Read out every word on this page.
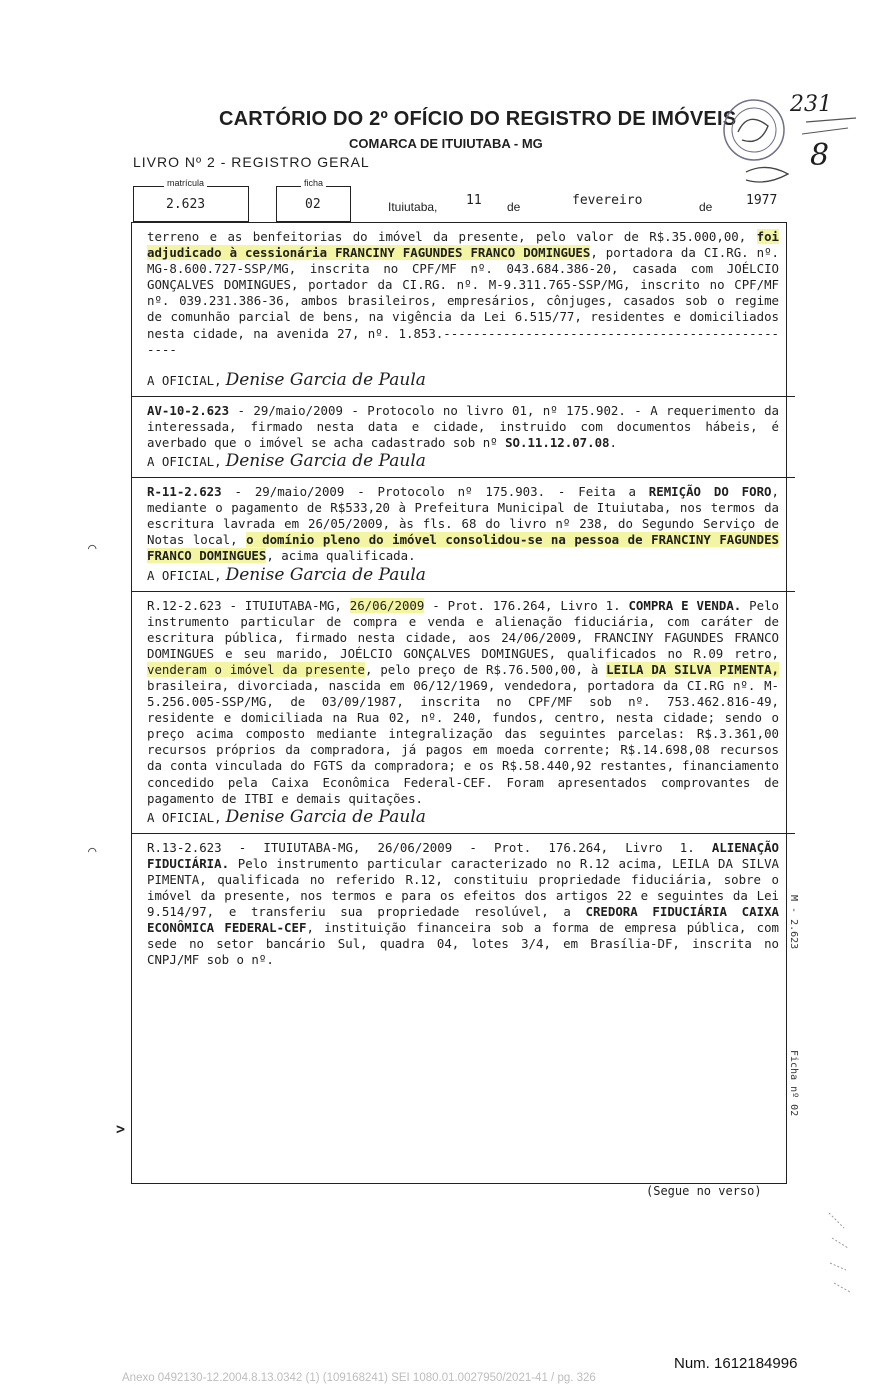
CARTÓRIO DO 2º OFÍCIO DO REGISTRO DE IMÓVEIS
COMARCA DE ITUIUTABA - MG
LIVRO Nº 2 - REGISTRO GERAL
231
8
matrícula
2.623
ficha
02	Ituiutaba, 11 de	fevereiro	de	1977

terreno e as benfeitorias do imóvel da presente, pelo valor de R$.35.000,00, foi adjudicado à cessionária FRANCINY FAGUNDES FRANCO DOMINGUES, portadora da CI.RG. nº. MG-8.600.727-SSP/MG, inscrita no CPF/MF nº. 043.684.386-20, casada com JOÉLCIO GONÇALVES DOMINGUES, portador da CI.RG. nº. M-9.311.765-SSP/MG, inscrito no CPF/MF nº. 039.231.386-36, ambos brasileiros, empresários, cônjuges, casados sob o regime de comunhão parcial de bens, na vigência da Lei 6.515/77, residentes e domiciliados nesta cidade, na avenida 27, nº. 1.853.-------------------------------------------------

A OFICIAL, Denise Garcia de Paula

AV-10-2.623 - 29/maio/2009 - Protocolo no livro 01, nº 175.902. - A requerimento da interessada, firmado nesta data e cidade, instruido com documentos hábeis, é averbado que o imóvel se acha cadastrado sob nº SO.11.12.07.08.

A OFICIAL, Denise Garcia de Paula

R-11-2.623 - 29/maio/2009 - Protocolo nº 175.903. - Feita a REMIÇÃO DO FORO, mediante o pagamento de R$533,20 à Prefeitura Municipal de Ituiutaba, nos termos da escritura lavrada em 26/05/2009, às fls. 68 do livro nº 238, do Segundo Serviço de Notas local, o domínio pleno do imóvel consolidou-se na pessoa de FRANCINY FAGUNDES FRANCO DOMINGUES, acima qualificada.

A OFICIAL, Denise Garcia de Paula

R.12-2.623 - ITUIUTABA-MG, 26/06/2009 - Prot. 176.264, Livro 1. COMPRA E VENDA. Pelo instrumento particular de compra e venda e alienação fiduciária, com caráter de escritura pública, firmado nesta cidade, aos 24/06/2009, FRANCINY FAGUNDES FRANCO DOMINGUES e seu marido, JOÉLCIO GONÇALVES DOMINGUES, qualificados no R.09 retro, venderam o imóvel da presente, pelo preço de R$.76.500,00, à LEILA DA SILVA PIMENTA, brasileira, divorciada, nascida em 06/12/1969, vendedora, portadora da CI.RG nº. M-5.256.005-SSP/MG, de 03/09/1987, inscrita no CPF/MF sob nº. 753.462.816-49, residente e domiciliada na Rua 02, nº. 240, fundos, centro, nesta cidade; sendo o preço acima composto mediante integralização das seguintes parcelas: R$.3.361,00 recursos próprios da compradora, já pagos em moeda corrente; R$.14.698,08 recursos da conta vinculada do FGTS da compradora; e os R$.58.440,92 restantes, financiamento concedido pela Caixa Econômica Federal-CEF. Foram apresentados comprovantes de pagamento de ITBI e demais quitações.

A OFICIAL, Denise Garcia de Paula

R.13-2.623 - ITUIUTABA-MG, 26/06/2009 - Prot. 176.264, Livro 1. ALIENAÇÃO FIDUCIÁRIA. Pelo instrumento particular caracterizado no R.12 acima, LEILA DA SILVA PIMENTA, qualificada no referido R.12, constituiu propriedade fiduciária, sobre o imóvel da presente, nos termos e para os efeitos dos artigos 22 e seguintes da Lei 9.514/97, e transferiu sua propriedade resolúvel, a CREDORA FIDUCIÁRIA CAIXA ECONÔMICA FEDERAL-CEF, instituição financeira sob a forma de empresa pública, com sede no setor bancário Sul, quadra 04, lotes 3/4, em Brasília-DF, inscrita no CNPJ/MF sob o nº.

⌒
⌒
>
M - 2.623
Ficha nº 02
(Segue no verso)
Num. 1612184996
Anexo 0492130-12.2004.8.13.0342 (1) (109168241) SEI 1080.01.0027950/2021-41 / pg. 326
